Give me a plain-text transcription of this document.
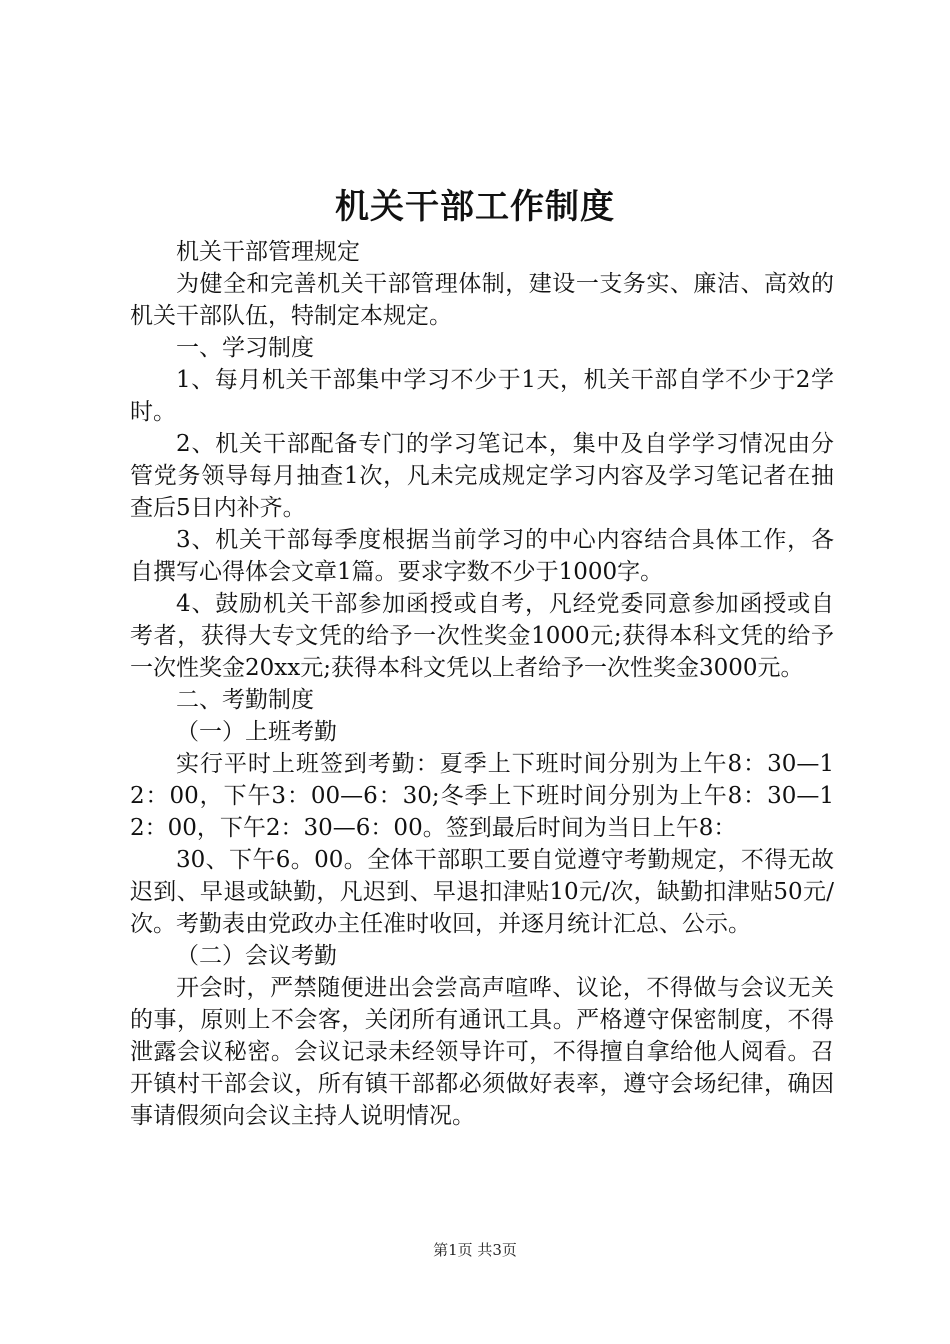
机关干部工作制度

机关干部管理规定

为健全和完善机关干部管理体制，建设一支务实、廉洁、高效的机关干部队伍，特制定本规定。

一、学习制度

1、每月机关干部集中学习不少于1天，机关干部自学不少于2学时。

2、机关干部配备专门的学习笔记本，集中及自学学习情况由分管党务领导每月抽查1次，凡未完成规定学习内容及学习笔记者在抽查后5日内补齐。

3、机关干部每季度根据当前学习的中心内容结合具体工作，各自撰写心得体会文章1篇。要求字数不少于1000字。

4、鼓励机关干部参加函授或自考，凡经党委同意参加函授或自考者，获得大专文凭的给予一次性奖金1000元;获得本科文凭的给予一次性奖金20xx元;获得本科文凭以上者给予一次性奖金3000元。

二、考勤制度

（一）上班考勤

实行平时上班签到考勤：夏季上下班时间分别为上午8：30—12：00，下午3：00—6：30;冬季上下班时间分别为上午8：30—12：00，下午2：30—6：00。签到最后时间为当日上午8：

30、下午6。00。全体干部职工要自觉遵守考勤规定，不得无故迟到、早退或缺勤，凡迟到、早退扣津贴10元/次，缺勤扣津贴50元/次。考勤表由党政办主任准时收回，并逐月统计汇总、公示。

（二）会议考勤

开会时，严禁随便进出会尝高声喧哗、议论，不得做与会议无关的事，原则上不会客，关闭所有通讯工具。严格遵守保密制度，不得泄露会议秘密。会议记录未经领导许可，不得擅自拿给他人阅看。召开镇村干部会议，所有镇干部都必须做好表率，遵守会场纪律，确因事请假须向会议主持人说明情况。

第1页 共3页
